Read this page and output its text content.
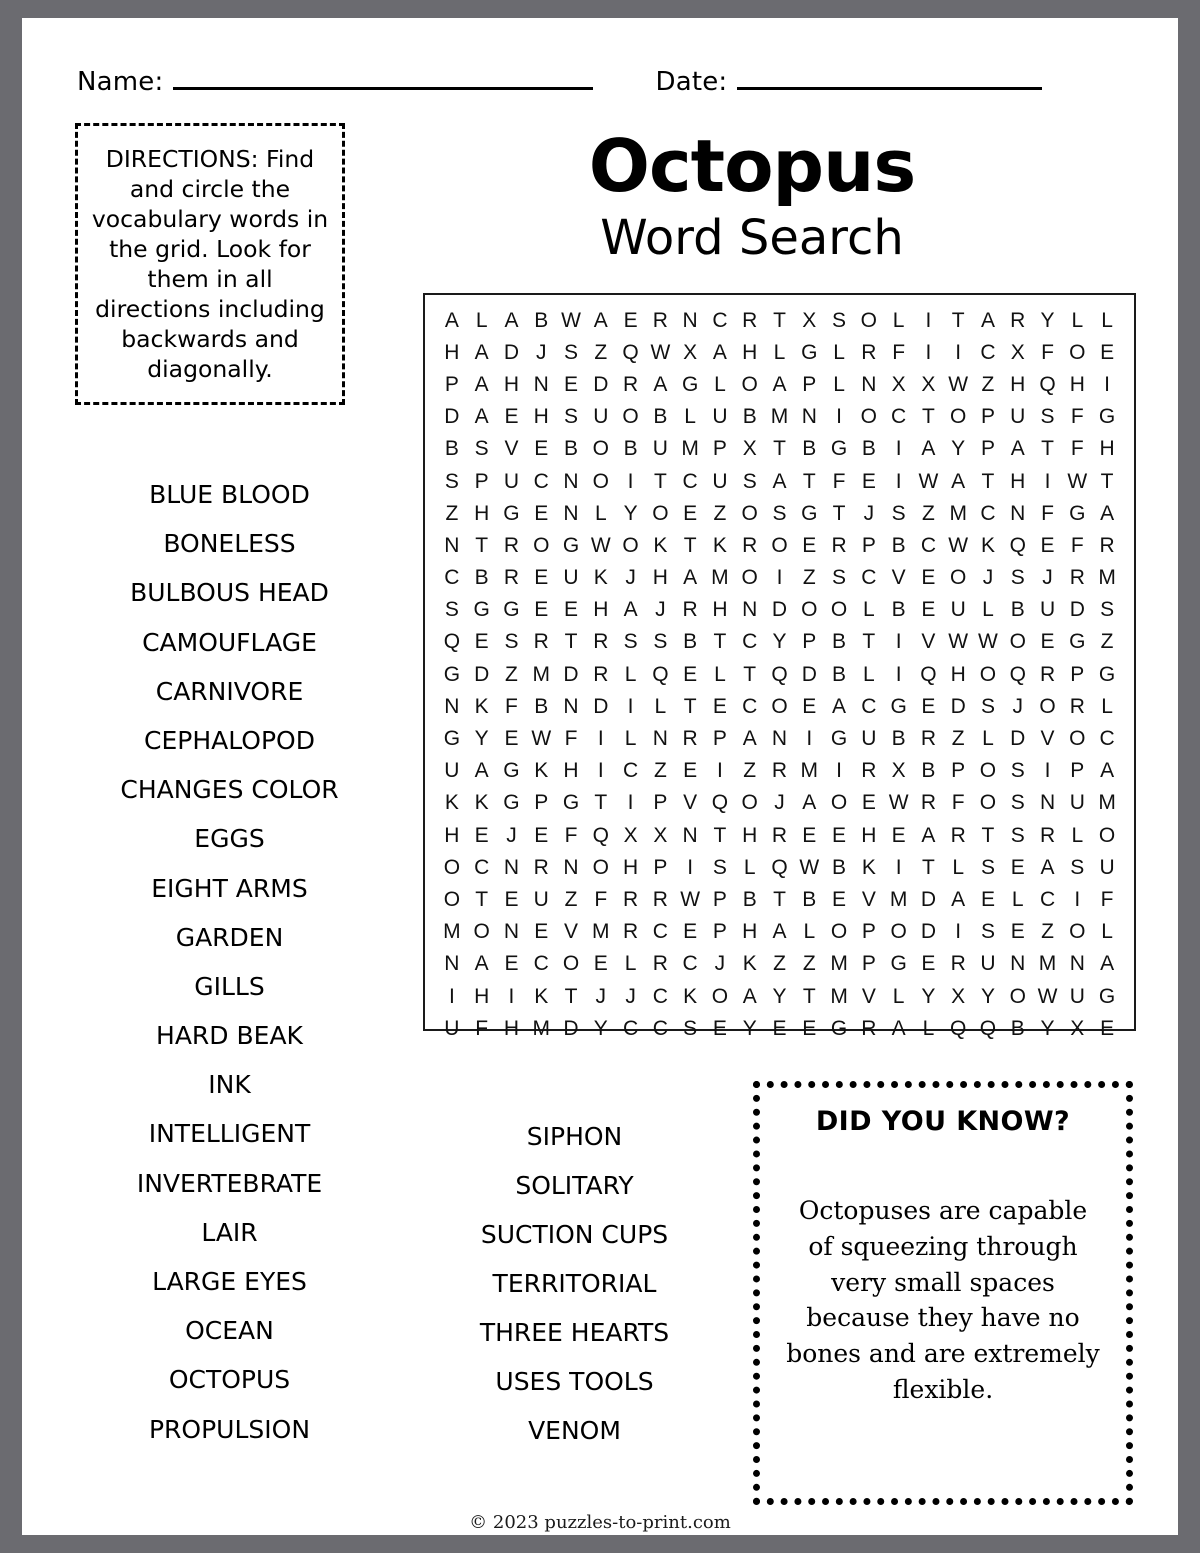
Name:	Date:

DIRECTIONS: Find and circle the vocabulary words in the grid. Look for them in all directions including backwards and diagonally.

Octopus
Word Search
A L A B W A E R N C R T X S O L	I T A R Y L L
H A D J S Z Q W X A H L G L R F I	I C X F O E
P A H N E D R A G L O A P L N X X W Z H Q H I
D A E H S U O B L U B M N I O C T O P U S F G
B S V E B O B U M P X T B G B I A Y P A T F H
S P U C N O I T C U S A T F E I W A T H I W T
Z H G E N L Y O E Z O S G T J S Z M C N F G A
N T R O G W O K T K R O E R P B C W K Q E F R
C B R E U K J H A M O I Z S C V E O J S J R M
S G G E E H A J R H N D O O L B E U L B U D S
Q E S R T R S S B T C Y P B T I V W W O E G Z
G D Z M D R L Q E L T Q D B L	I Q H O Q R P G
N K F B N D I	L T E C O E A C G E D S J O R L
G Y E W F I	L N R P A N I G U B R Z L D V O C
U A G K H I C Z E I Z R M I R X B P O S I P A
K K G P G T I P V Q O J A O E W R F O S N U M
H E J E F Q X X N T H R E E H E A R T S R L O
O C N R N O H P I S L Q W B K I T L S E A S U
O T E U Z F R R W P B T B E V M D A E L C I F
M O N E V M R C E P H A L O P O D I S E Z O L
N A E C O E L R C J K Z Z M P G E R U N M N A
I H I K T J J C K O A Y T M V L Y X Y O W U G
U F H M D Y C C S E Y E E G R A L Q Q B Y X E
BLUE BLOOD
BONELESS
BULBOUS HEAD
CAMOUFLAGE
CARNIVORE
CEPHALOPOD
CHANGES COLOR
EGGS
EIGHT ARMS
GARDEN
GILLS
HARD BEAK
INK
INTELLIGENT
INVERTEBRATE
LAIR
LARGE EYES
OCEAN
OCTOPUS
PROPULSION
SIPHON
SOLITARY
SUCTION CUPS
TERRITORIAL
THREE HEARTS
USES TOOLS
VENOM
DID YOU KNOW?
Octopuses are capable of squeezing through very small spaces because they have no bones and are extremely flexible.
© 2023 puzzles-to-print.com
